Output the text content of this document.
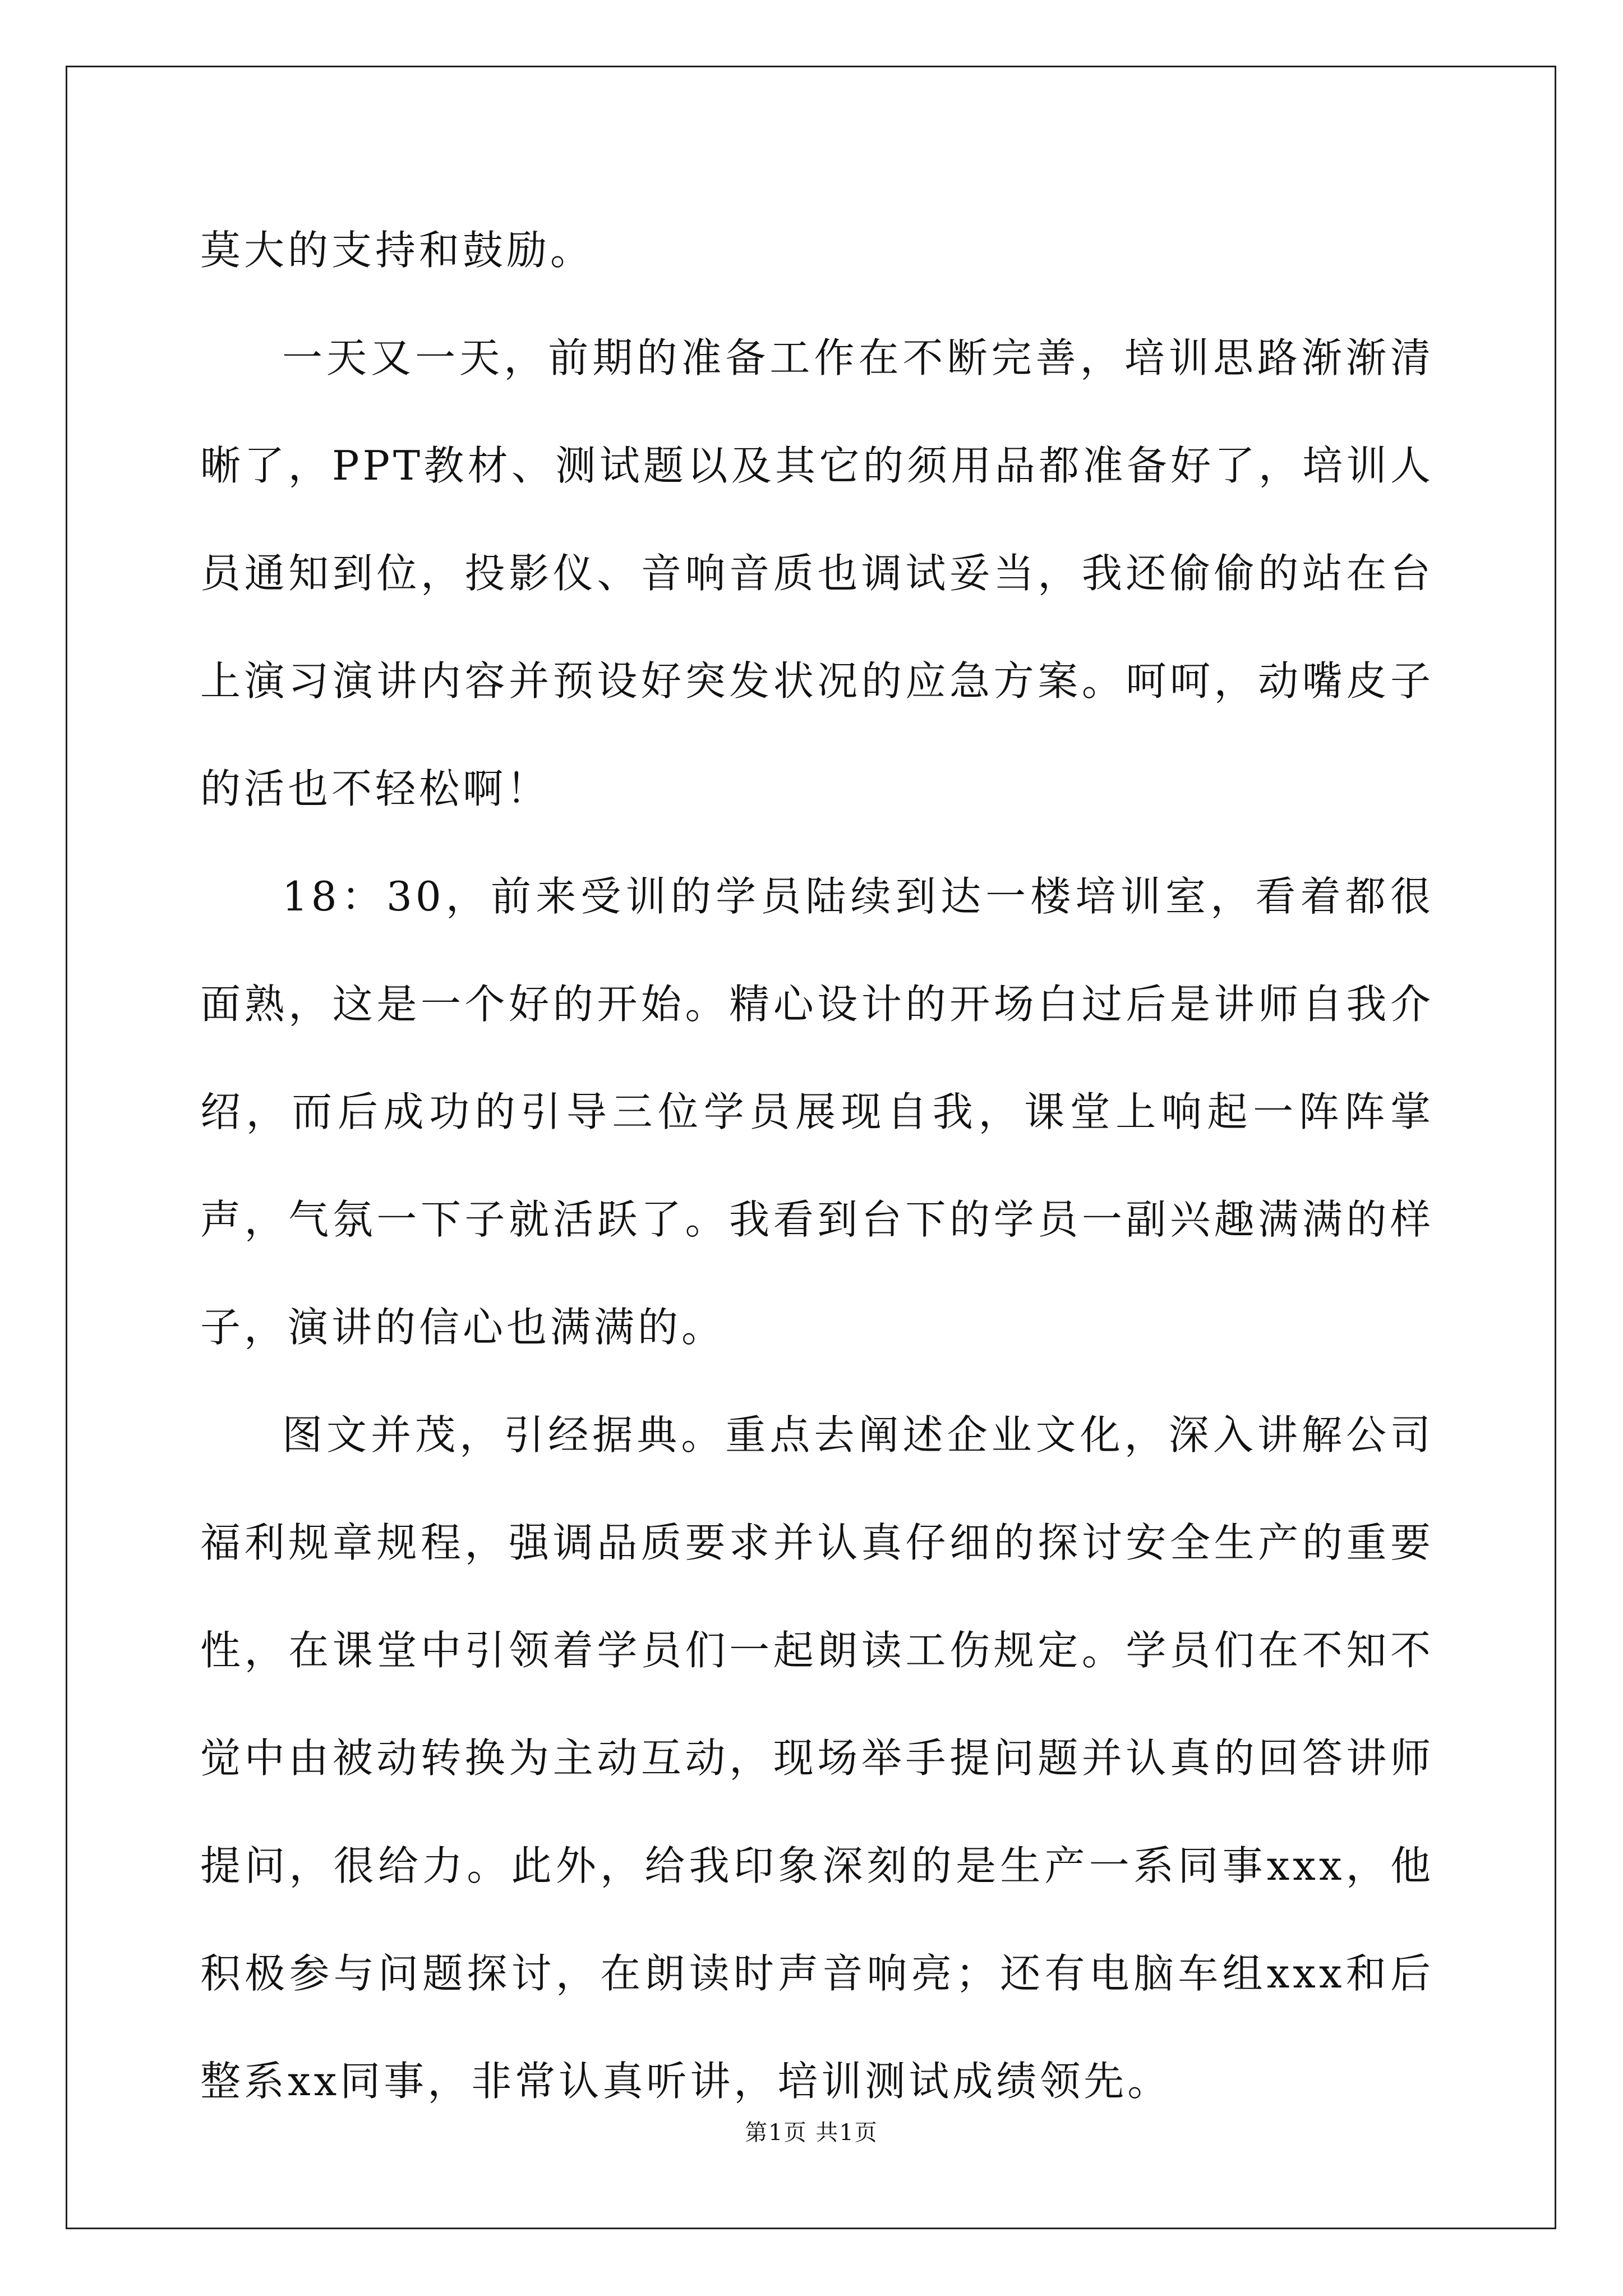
莫大的支持和鼓励。

一天又一天，前期的准备工作在不断完善，培训思路渐渐清晰了，PPT教材、测试题以及其它的须用品都准备好了，培训人员通知到位，投影仪、音响音质也调试妥当，我还偷偷的站在台上演习演讲内容并预设好突发状况的应急方案。呵呵，动嘴皮子的活也不轻松啊！

18：30，前来受训的学员陆续到达一楼培训室，看着都很面熟，这是一个好的开始。精心设计的开场白过后是讲师自我介绍，而后成功的引导三位学员展现自我，课堂上响起一阵阵掌声，气氛一下子就活跃了。我看到台下的学员一副兴趣满满的样子，演讲的信心也满满的。

图文并茂，引经据典。重点去阐述企业文化，深入讲解公司福利规章规程，强调品质要求并认真仔细的探讨安全生产的重要性，在课堂中引领着学员们一起朗读工伤规定。学员们在不知不觉中由被动转换为主动互动，现场举手提问题并认真的回答讲师提问，很给力。此外，给我印象深刻的是生产一系同事xxx，他积极参与问题探讨，在朗读时声音响亮；还有电脑车组xxx和后整系xx同事，非常认真听讲，培训测试成绩领先。

第1页 共1页
